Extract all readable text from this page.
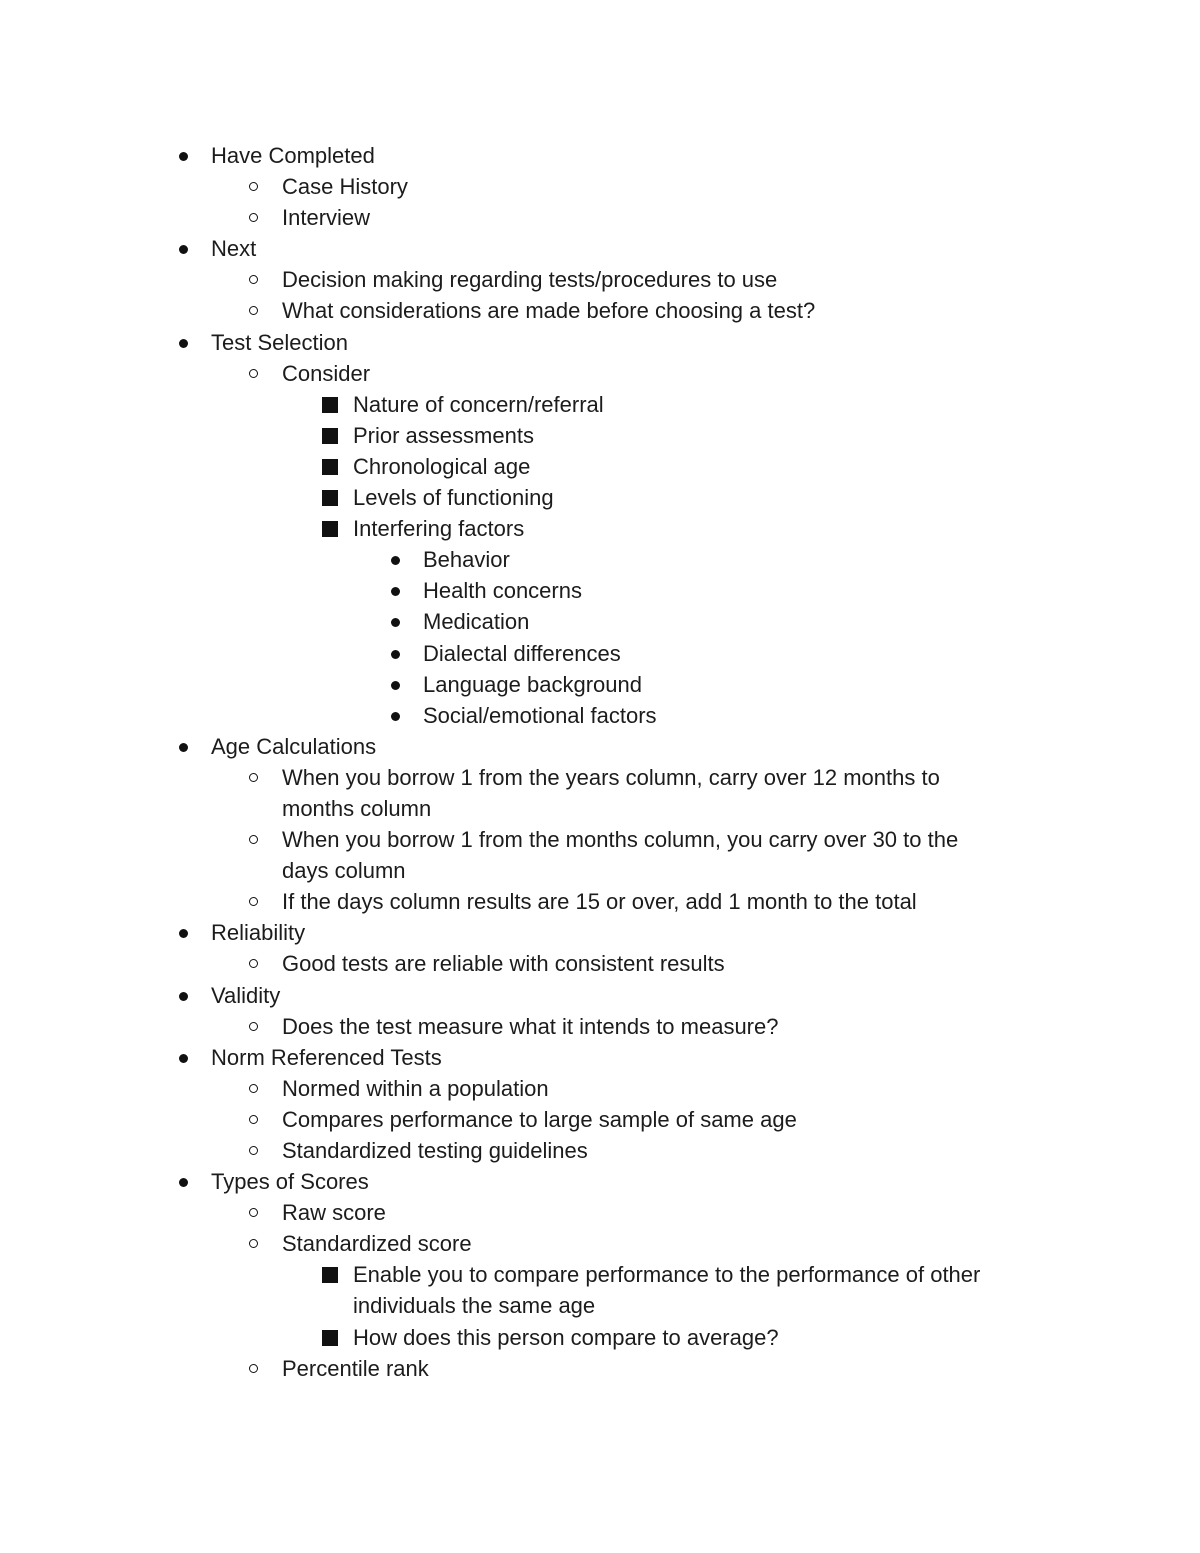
Have Completed
Case History
Interview
Next
Decision making regarding tests/procedures to use
What considerations are made before choosing a test?
Test Selection
Consider
Nature of concern/referral
Prior assessments
Chronological age
Levels of functioning
Interfering factors
Behavior
Health concerns
Medication
Dialectal differences
Language background
Social/emotional factors
Age Calculations
When you borrow 1 from the years column, carry over 12 months to
months column
When you borrow 1 from the months column, you carry over 30 to the
days column
If the days column results are 15 or over, add 1 month to the total
Reliability
Good tests are reliable with consistent results
Validity
Does the test measure what it intends to measure?
Norm Referenced Tests
Normed within a population
Compares performance to large sample of same age
Standardized testing guidelines
Types of Scores
Raw score
Standardized score
Enable you to compare performance to the performance of other
individuals the same age
How does this person compare to average?
Percentile rank
